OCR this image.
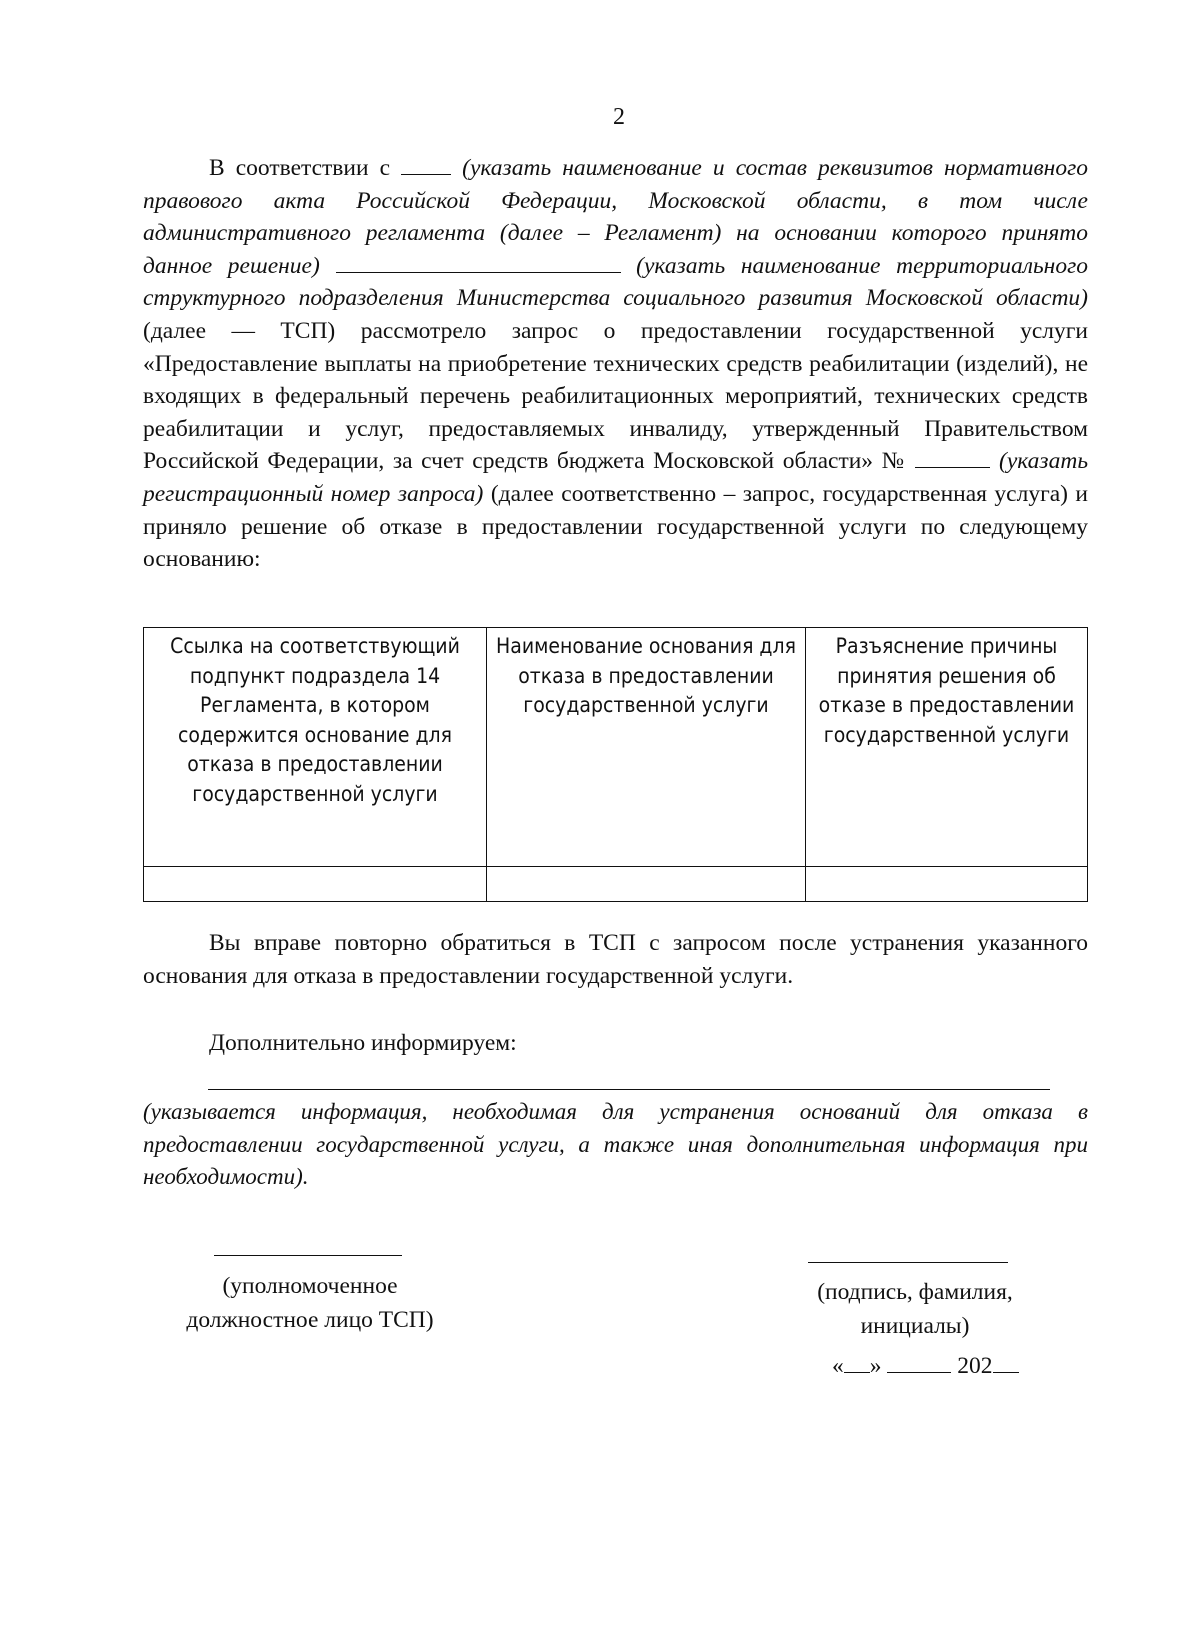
2
В соответствии с	(указать наименование и состав реквизитов нормативного правового акта Российской Федерации, Московской области, в том числе административного регламента (далее – Регламент) на основании которого принято данное решение)	(указать наименование территориального структурного подразделения Министерства социального развития Московской области) (далее — ТСП) рассмотрело запрос о предоставлении государственной услуги «Предоставление выплаты на приобретение технических средств реабилитации (изделий), не входящих в федеральный перечень реабилитационных мероприятий, технических средств реабилитации и услуг, предоставляемых инвалиду, утвержденный Правительством Российской Федерации, за счет средств бюджета Московской области» №	(указать регистрационный номер запроса) (далее соответственно – запрос, государственная услуга) и приняло решение об отказе в предоставлении государственной услуги по следующему основанию:
Ссылка на соответствующий подпункт подраздела 14 Регламента, в котором содержится основание для отказа в предоставлении государственной услуги	Наименование основания для отказа в предоставлении государственной услуги	Разъяснение причины принятия решения об отказе в предоставлении государственной услуги

Вы вправе повторно обратиться в ТСП с запросом после устранения указанного основания для отказа в предоставлении государственной услуги.
Дополнительно информируем:
(указывается информация, необходимая для устранения оснований для отказа в предоставлении государственной услуги, а также иная дополнительная информация при необходимости).
(уполномоченное должностное лицо ТСП)
(подпись, фамилия, инициалы)
« »	202
